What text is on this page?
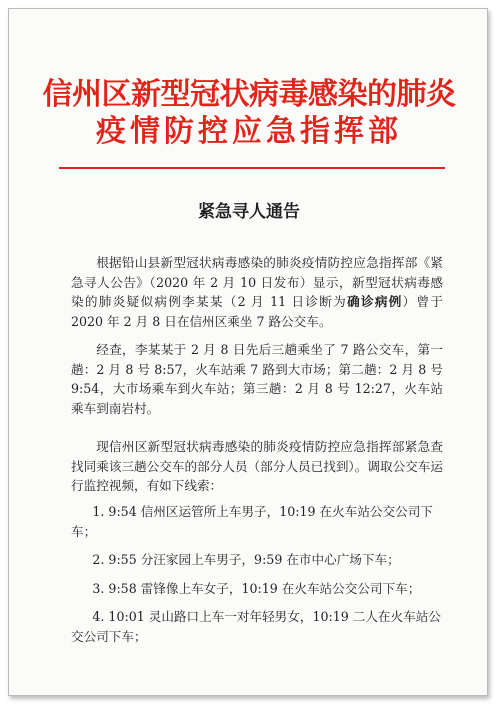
信州区新型冠状病毒感染的肺炎
疫情防控应急指挥部
紧急寻人通告

根据铅山县新型冠状病毒感染的肺炎疫情防控应急指挥部《紧急寻人公告》（2020 年 2 月 10 日发布）显示，新型冠状病毒感染的肺炎疑似病例李某某（2 月 11 日诊断为确诊病例）曾于 2020 年 2 月 8 日在信州区乘坐 7 路公交车。

经查，李某某于 2 月 8 日先后三趟乘坐了 7 路公交车，第一趟：2 月 8 号 8:57，火车站乘 7 路到大市场；第二趟：2 月 8 号 9:54，大市场乘车到火车站；第三趟：2 月 8 号 12:27，火车站乘车到南岩村。

现信州区新型冠状病毒感染的肺炎疫情防控应急指挥部紧急查找同乘该三趟公交车的部分人员（部分人员已找到）。调取公交车运行监控视频，有如下线索：

1. 9:54 信州区运管所上车男子，10:19 在火车站公交公司下车；

2. 9:55 分汪家园上车男子，9:59 在市中心广场下车；

3. 9:58 雷锋像上车女子，10:19 在火车站公交公司下车；

4. 10:01 灵山路口上车一对年轻男女，10:19 二人在火车站公交公司下车；
